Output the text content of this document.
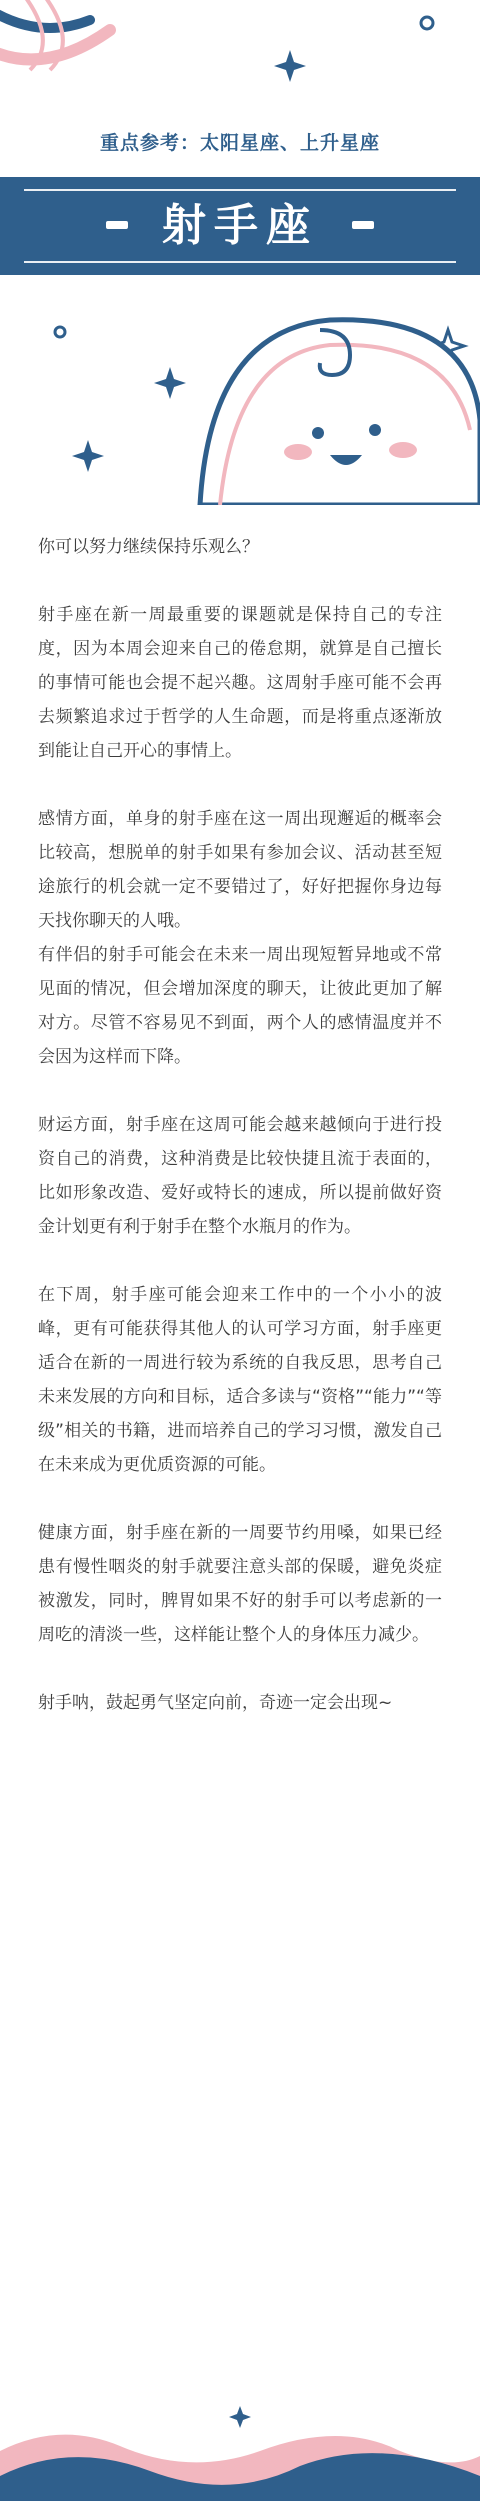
重点参考：太阳星座、上升星座
射手座

你可以努力继续保持乐观么？

射手座在新一周最重要的课题就是保持自己的专注度，因为本周会迎来自己的倦怠期，就算是自己擅长的事情可能也会提不起兴趣。这周射手座可能不会再去频繁追求过于哲学的人生命题，而是将重点逐渐放到能让自己开心的事情上。

感情方面，单身的射手座在这一周出现邂逅的概率会比较高，想脱单的射手如果有参加会议、活动甚至短途旅行的机会就一定不要错过了，好好把握你身边每天找你聊天的人哦。

有伴侣的射手可能会在未来一周出现短暂异地或不常见面的情况，但会增加深度的聊天，让彼此更加了解对方。尽管不容易见不到面，两个人的感情温度并不会因为这样而下降。

财运方面，射手座在这周可能会越来越倾向于进行投资自己的消费，这种消费是比较快捷且流于表面的，比如形象改造、爱好或特长的速成，所以提前做好资金计划更有利于射手在整个水瓶月的作为。

在下周，射手座可能会迎来工作中的一个小小的波峰，更有可能获得其他人的认可学习方面，射手座更适合在新的一周进行较为系统的自我反思，思考自己未来发展的方向和目标，适合多读与“资格”“能力”“等级”相关的书籍，进而培养自己的学习习惯，激发自己在未来成为更优质资源的可能。

健康方面，射手座在新的一周要节约用嗓，如果已经患有慢性咽炎的射手就要注意头部的保暖，避免炎症被激发，同时，脾胃如果不好的射手可以考虑新的一周吃的清淡一些，这样能让整个人的身体压力减少。

射手呐，鼓起勇气坚定向前，奇迹一定会出现~
